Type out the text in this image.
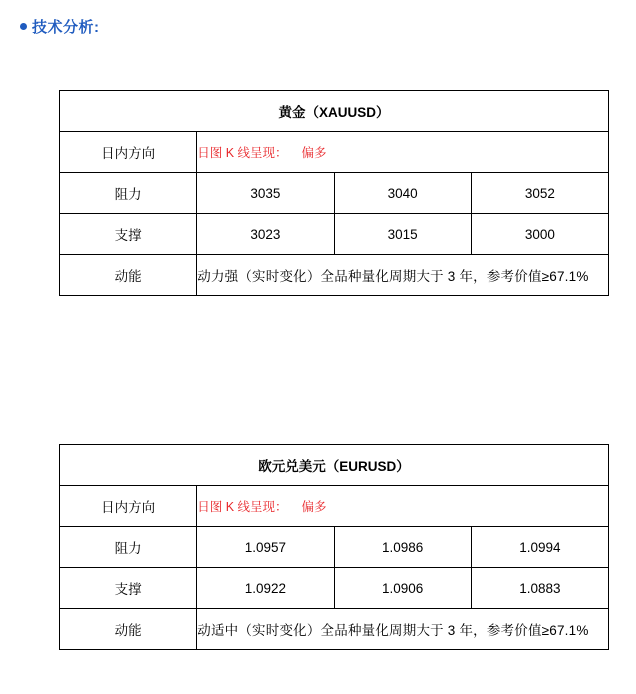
技术分析:
黄金（XAUUSD）			
日内方向	日图 K 线呈现： 偏多		
阻力	3035	3040	3052
支撑	3023	3015	3000
动能	动力强（实时变化）全品种量化周期大于 3 年，参考价值≥67.1%		
欧元兑美元（EURUSD）			
日内方向	日图 K 线呈现： 偏多		
阻力	1.0957	1.0986	1.0994
支撑	1.0922	1.0906	1.0883
动能	动适中（实时变化）全品种量化周期大于 3 年，参考价值≥67.1%		
